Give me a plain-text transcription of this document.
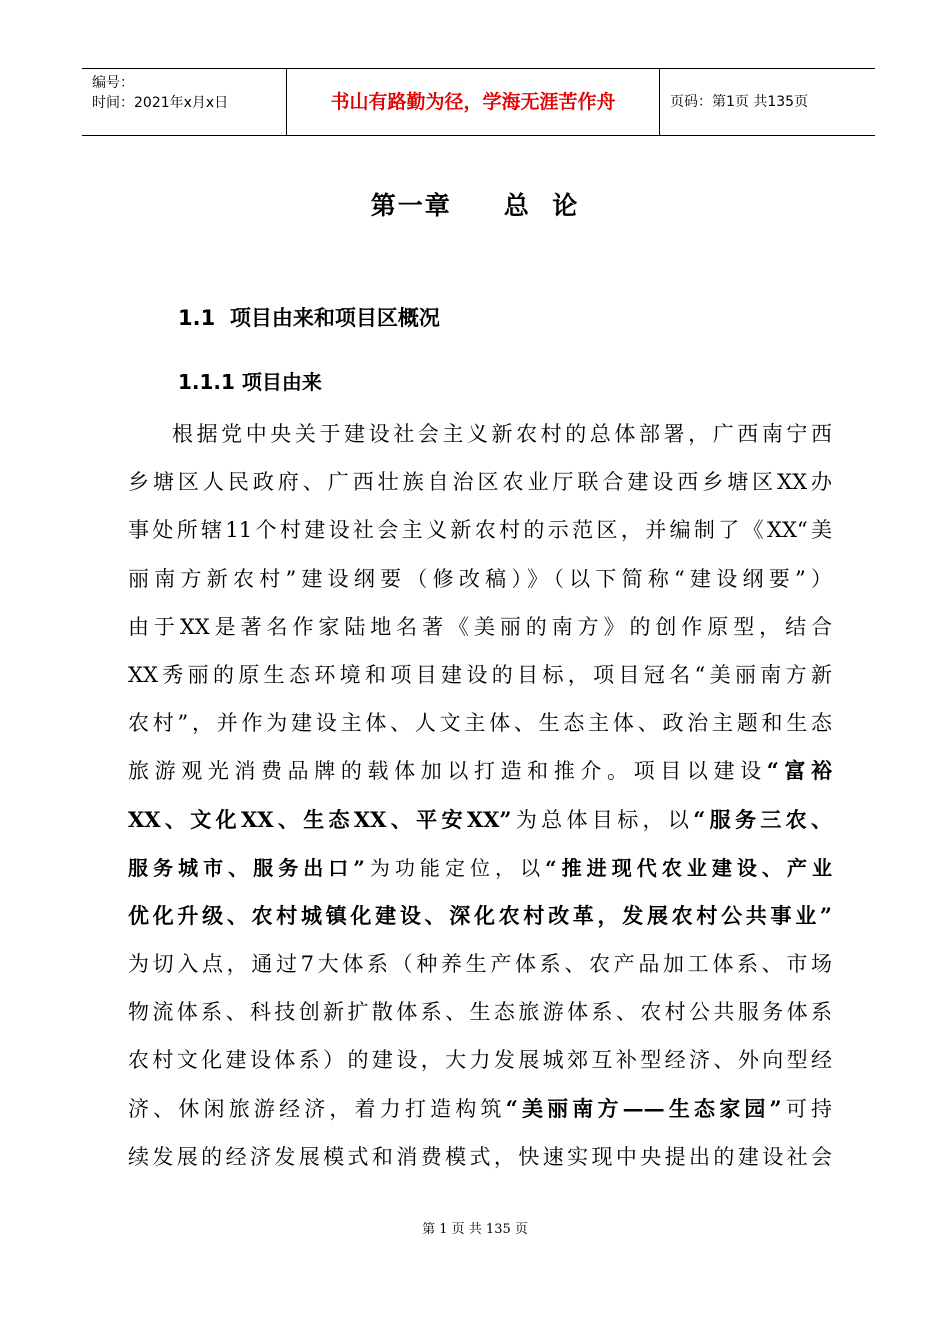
编号：
时间：2021年x月x日	书山有路勤为径，学海无涯苦作舟	页码：第1页 共135页
第一章 总  论
1.1  项目由来和项目区概况
1.1.1 项目由来
根据党中央关于建设社会主义新农村的总体部署，广西南宁西
乡塘区人民政府、广西壮族自治区农业厅联合建设西乡塘区XX办
事处所辖11个村建设社会主义新农村的示范区，并编制了《XX“美
丽南方新农村”建设纲要（修改稿）》（以下简称“建设纲要”）
由于XX是著名作家陆地名著《美丽的南方》的创作原型，结合
XX秀丽的原生态环境和项目建设的目标，项目冠名“美丽南方新
农村”，并作为建设主体、人文主体、生态主体、政治主题和生态
旅游观光消费品牌的载体加以打造和推介。项目以建设“富裕
XX、文化XX、生态XX、平安XX”为总体目标，以“服务三农、
服务城市、服务出口”为功能定位，以“推进现代农业建设、产业
优化升级、农村城镇化建设、深化农村改革，发展农村公共事业”
为切入点，通过7大体系（种养生产体系、农产品加工体系、市场
物流体系、科技创新扩散体系、生态旅游体系、农村公共服务体系
农村文化建设体系）的建设，大力发展城郊互补型经济、外向型经
济、休闲旅游经济，着力打造构筑“美丽南方——生态家园”可持
续发展的经济发展模式和消费模式，快速实现中央提出的建设社会
第 1 页 共 135 页
